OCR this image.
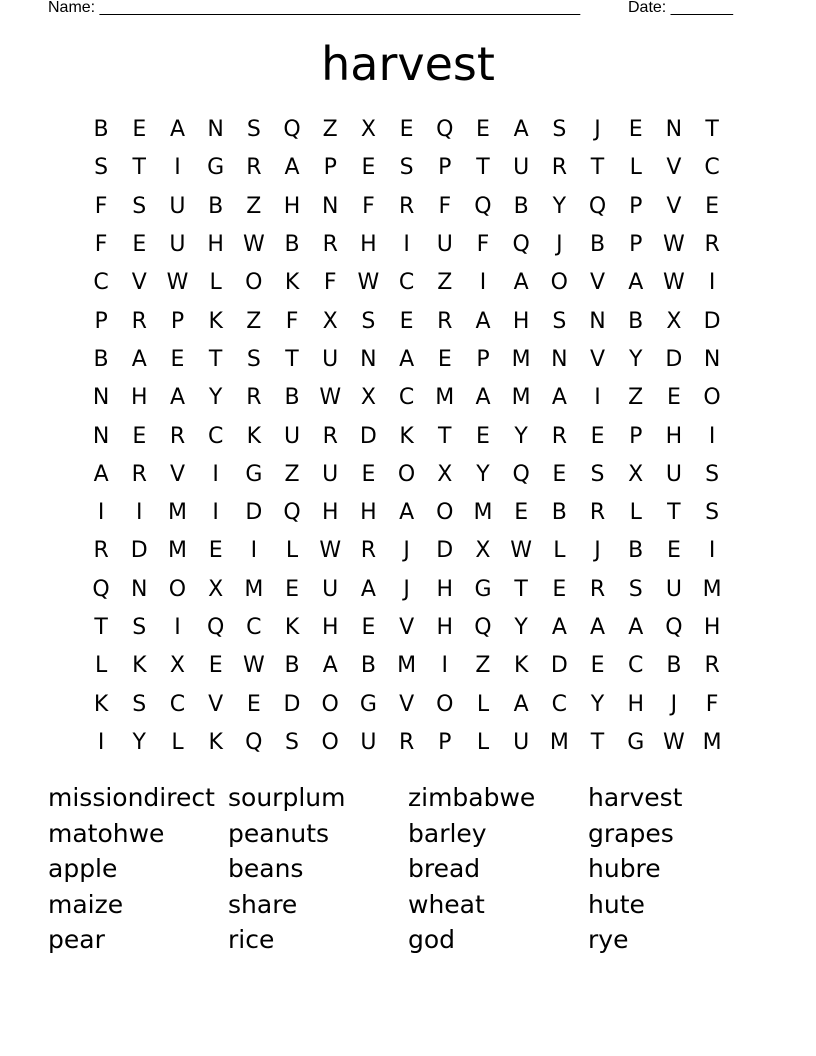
Name: ______________________________________________________	Date: _______
harvest
B	E	A	N	S	Q Z	X	E	Q	E	A	S	J	E	N	T
S	T	I	G	R	A	P	E	S	P	T	U	R	T	L	V	C
F	S	U	B	Z	H N	F	R	F	Q B	Y	Q	P	V	E
F	E	U H W B	R	H	I	U	F	Q	J	B	P W R
C	V W L	O	K	F W C	Z	I	A O	V	A W	I
P	R	P	K	Z	F	X	S	E	R	A	H	S	N	B	X	D
B	A	E	T	S	T	U N	A	E	P	M N	V	Y	D N
N H	A	Y	R	B W X	C M A M A	I	Z	E	O
N	E	R	C	K	U	R	D	K	T	E	Y	R	E	P	H	I
A	R	V	I	G	Z	U	E	O X	Y	Q	E	S	X	U	S
I	I	M	I	D Q H H	A O M E	B	R	L	T	S
R	D M E	I	L W R	J	D	X W L	J	B	E	I
Q N O X M E	U	A	J	H G	T	E	R	S	U M
T	S	I	Q C	K	H	E	V	H Q	Y	A	A	A Q H
L	K	X	E W B	A	B M	I	Z	K	D	E	C	B	R
K	S	C	V	E	D O G	V O	L	A	C	Y	H	J	F
I	Y	L	K	Q	S	O U	R	P	L	U M T	G W M
missiondirect sourplum	zimbabwe	harvest
matohwe	peanuts	barley	grapes
apple	beans	bread	hubre
maize	share	wheat	hute
pear	rice	god	rye
